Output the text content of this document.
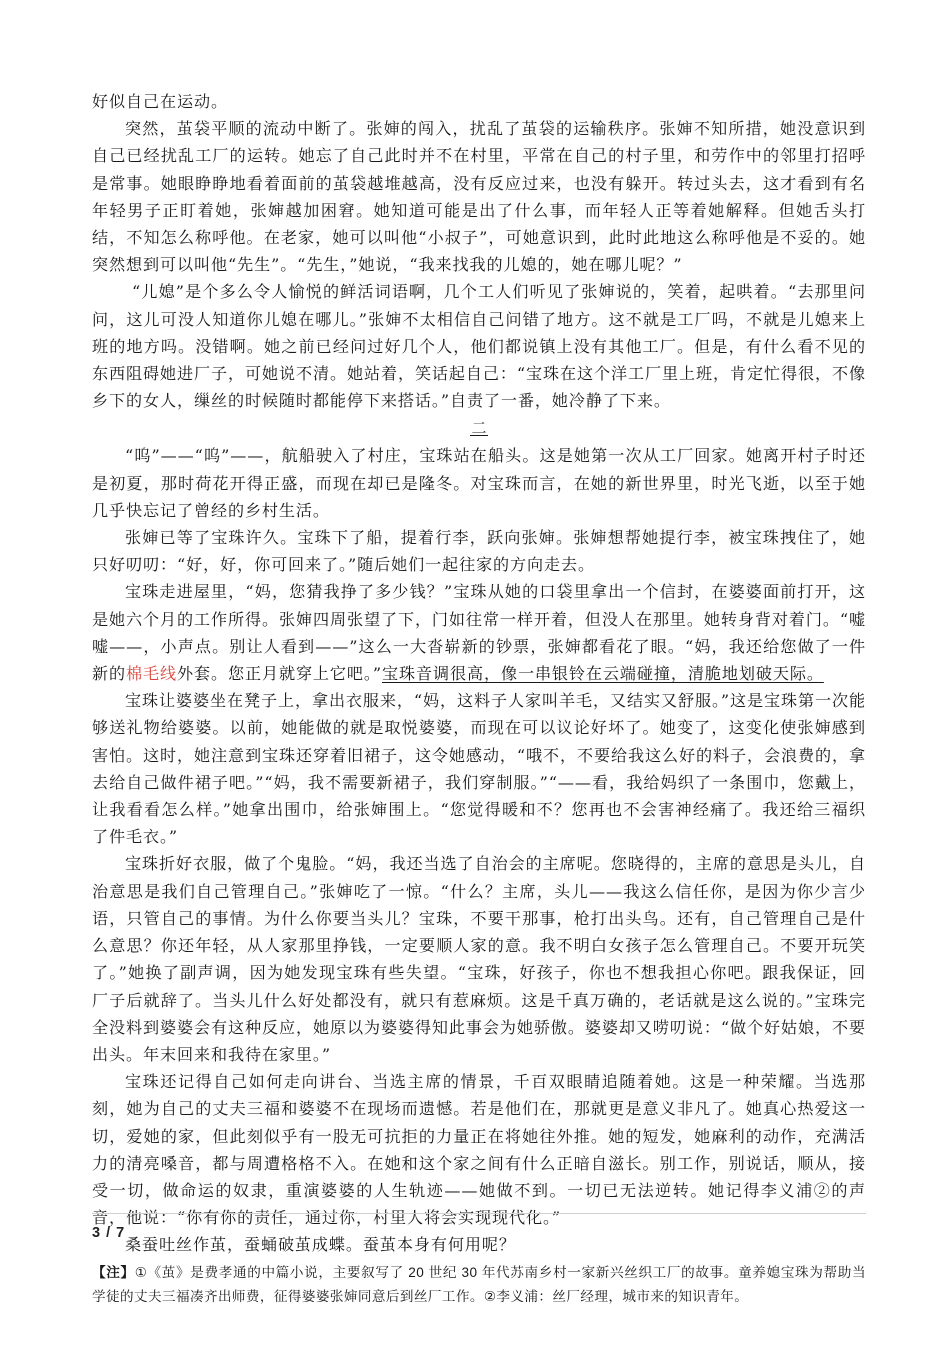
好似自己在运动。

突然，茧袋平顺的流动中断了。张婶的闯入，扰乱了茧袋的运输秩序。张婶不知所措，她没意识到自己已经扰乱工厂的运转。她忘了自己此时并不在村里，平常在自己的村子里，和劳作中的邻里打招呼是常事。她眼睁睁地看着面前的茧袋越堆越高，没有反应过来，也没有躲开。转过头去，这才看到有名年轻男子正盯着她，张婶越加困窘。她知道可能是出了什么事，而年轻人正等着她解释。但她舌头打结，不知怎么称呼他。在老家，她可以叫他“小叔子”，可她意识到，此时此地这么称呼他是不妥的。她突然想到可以叫他“先生”。“先生，”她说，“我来找我的儿媳的，她在哪儿呢？”

“儿媳”是个多么令人愉悦的鲜活词语啊，几个工人们听见了张婶说的，笑着，起哄着。“去那里问问，这儿可没人知道你儿媳在哪儿。”张婶不太相信自己问错了地方。这不就是工厂吗，不就是儿媳来上班的地方吗。没错啊。她之前已经问过好几个人，他们都说镇上没有其他工厂。但是，有什么看不见的东西阻碍她进厂子，可她说不清。她站着，笑话起自己：“宝珠在这个洋工厂里上班，肯定忙得很，不像乡下的女人，缫丝的时候随时都能停下来搭话。”自责了一番，她冷静了下来。

二

“呜”——“呜”——，航船驶入了村庄，宝珠站在船头。这是她第一次从工厂回家。她离开村子时还是初夏，那时荷花开得正盛，而现在却已是隆冬。对宝珠而言，在她的新世界里，时光飞逝，以至于她几乎快忘记了曾经的乡村生活。

张婶已等了宝珠许久。宝珠下了船，提着行李，跃向张婶。张婶想帮她提行李，被宝珠拽住了，她只好叨叨：“好，好，你可回来了。”随后她们一起往家的方向走去。

宝珠走进屋里，“妈，您猜我挣了多少钱？”宝珠从她的口袋里拿出一个信封，在婆婆面前打开，这是她六个月的工作所得。张婶四周张望了下，门如往常一样开着，但没人在那里。她转身背对着门。“嘘嘘——，小声点。别让人看到——”这么一大沓崭新的钞票，张婶都看花了眼。“妈，我还给您做了一件新的棉毛线外套。您正月就穿上它吧。”宝珠音调很高，像一串银铃在云端碰撞，清脆地划破天际。

宝珠让婆婆坐在凳子上，拿出衣服来，“妈，这料子人家叫羊毛，又结实又舒服。”这是宝珠第一次能够送礼物给婆婆。以前，她能做的就是取悦婆婆，而现在可以议论好坏了。她变了，这变化使张婶感到害怕。这时，她注意到宝珠还穿着旧裙子，这令她感动，“哦不，不要给我这么好的料子，会浪费的，拿去给自己做件裙子吧。”“妈，我不需要新裙子，我们穿制服。”“——看，我给妈织了一条围巾，您戴上，让我看看怎么样。”她拿出围巾，给张婶围上。“您觉得暖和不？您再也不会害神经痛了。我还给三福织了件毛衣。”

宝珠折好衣服，做了个鬼脸。“妈，我还当选了自治会的主席呢。您晓得的，主席的意思是头儿，自治意思是我们自己管理自己。”张婶吃了一惊。“什么？主席，头儿——我这么信任你，是因为你少言少语，只管自己的事情。为什么你要当头儿？宝珠，不要干那事，枪打出头鸟。还有，自己管理自己是什么意思？你还年轻，从人家那里挣钱，一定要顺人家的意。我不明白女孩子怎么管理自己。不要开玩笑了。”她换了副声调，因为她发现宝珠有些失望。“宝珠，好孩子，你也不想我担心你吧。跟我保证，回厂子后就辞了。当头儿什么好处都没有，就只有惹麻烦。这是千真万确的，老话就是这么说的。”宝珠完全没料到婆婆会有这种反应，她原以为婆婆得知此事会为她骄傲。婆婆却又唠叨说：“做个好姑娘，不要出头。年末回来和我待在家里。”

宝珠还记得自己如何走向讲台、当选主席的情景，千百双眼睛追随着她。这是一种荣耀。当选那刻，她为自己的丈夫三福和婆婆不在现场而遗憾。若是他们在，那就更是意义非凡了。她真心热爱这一切，爱她的家，但此刻似乎有一股无可抗拒的力量正在将她往外推。她的短发，她麻利的动作，充满活力的清亮嗓音，都与周遭格格不入。在她和这个家之间有什么正暗自滋长。别工作，别说话，顺从，接受一切，做命运的奴隶，重演婆婆的人生轨迹——她做不到。一切已无法逆转。她记得李义浦②的声音，他说：“你有你的责任，通过你，村里人将会实现现代化。”

桑蚕吐丝作茧，蚕蛹破茧成蝶。蚕茧本身有何用呢？

【注】①《茧》是费孝通的中篇小说，主要叙写了 20 世纪 30 年代苏南乡村一家新兴丝织工厂的故事。童养媳宝珠为帮助当学徒的丈夫三福凑齐出师费，征得婆婆张婶同意后到丝厂工作。②李义浦：丝厂经理，城市来的知识青年。

3 / 7
